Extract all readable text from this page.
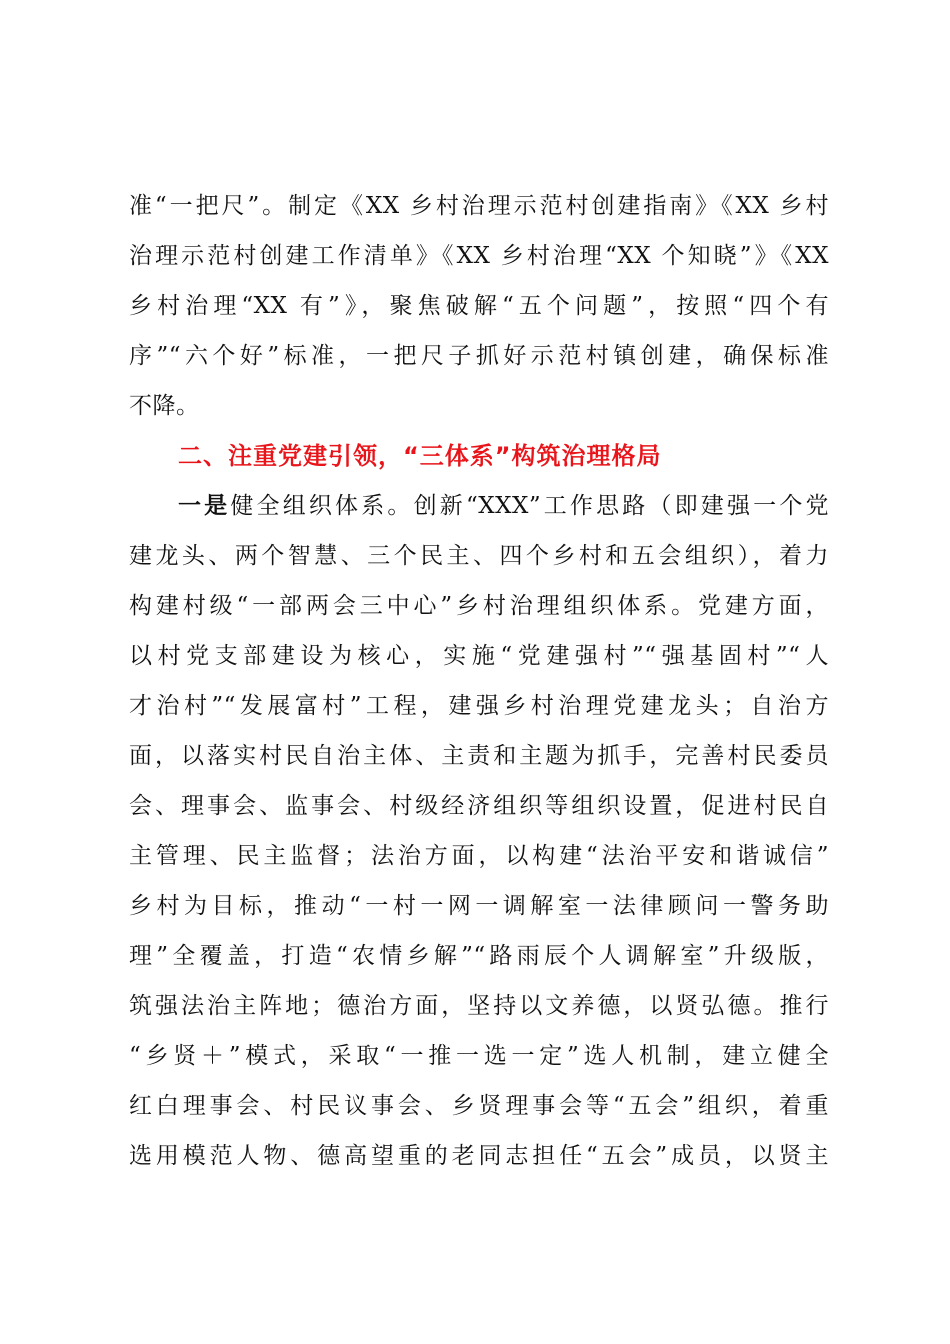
准“一把尺”。制定《XX 乡村治理示范村创建指南》《XX 乡村
治理示范村创建工作清单》《XX 乡村治理“XX 个知晓”》《XX
乡村治理“XX 有”》，聚焦破解“五个问题”，按照“四个有
序”“六个好”标准，一把尺子抓好示范村镇创建，确保标准
不降。
二、注重党建引领，“三体系”构筑治理格局
一是健全组织体系。创新“XXX”工作思路（即建强一个党
建龙头、两个智慧、三个民主、四个乡村和五会组织），着力
构建村级“一部两会三中心”乡村治理组织体系。党建方面，
以村党支部建设为核心，实施“党建强村”“强基固村”“人
才治村”“发展富村”工程，建强乡村治理党建龙头；自治方
面，以落实村民自治主体、主责和主题为抓手，完善村民委员
会、理事会、监事会、村级经济组织等组织设置，促进村民自
主管理、民主监督；法治方面，以构建“法治平安和谐诚信”
乡村为目标，推动“一村一网一调解室一法律顾问一警务助
理”全覆盖，打造“农情乡解”“路雨辰个人调解室”升级版，
筑强法治主阵地；德治方面，坚持以文养德，以贤弘德。推行
“乡贤＋”模式，采取“一推一选一定”选人机制，建立健全
红白理事会、村民议事会、乡贤理事会等“五会”组织，着重
选用模范人物、德高望重的老同志担任“五会”成员，以贤主
